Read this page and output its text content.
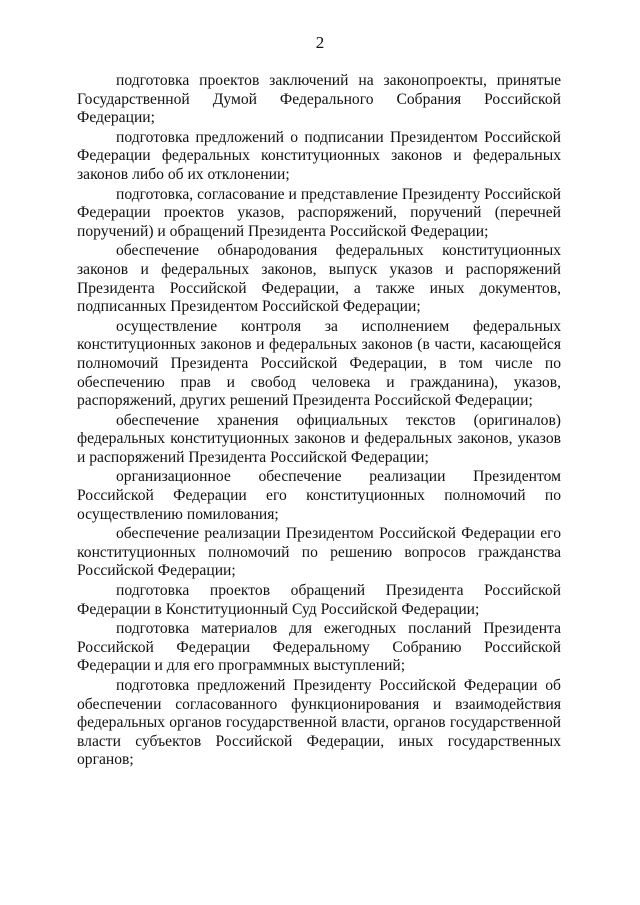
2

подготовка проектов заключений на законопроекты, принятые Государственной Думой Федерального Собрания Российской Федерации;

подготовка предложений о подписании Президентом Российской Федерации федеральных конституционных законов и федеральных законов либо об их отклонении;

подготовка, согласование и представление Президенту Российской Федерации проектов указов, распоряжений, поручений (перечней поручений) и обращений Президента Российской Федерации;

обеспечение обнародования федеральных конституционных законов и федеральных законов, выпуск указов и распоряжений Президента Российской Федерации, а также иных документов, подписанных Президентом Российской Федерации;

осуществление контроля за исполнением федеральных конституционных законов и федеральных законов (в части, касающейся полномочий Президента Российской Федерации, в том числе по обеспечению прав и свобод человека и гражданина), указов, распоряжений, других решений Президента Российской Федерации;

обеспечение хранения официальных текстов (оригиналов) федеральных конституционных законов и федеральных законов, указов и распоряжений Президента Российской Федерации;

организационное обеспечение реализации Президентом Российской Федерации его конституционных полномочий по осуществлению помилования;

обеспечение реализации Президентом Российской Федерации его конституционных полномочий по решению вопросов гражданства Российской Федерации;

подготовка проектов обращений Президента Российской Федерации в Конституционный Суд Российской Федерации;

подготовка материалов для ежегодных посланий Президента Российской Федерации Федеральному Собранию Российской Федерации и для его программных выступлений;

подготовка предложений Президенту Российской Федерации об обеспечении согласованного функционирования и взаимодействия федеральных органов государственной власти, органов государственной власти субъектов Российской Федерации, иных государственных органов;
